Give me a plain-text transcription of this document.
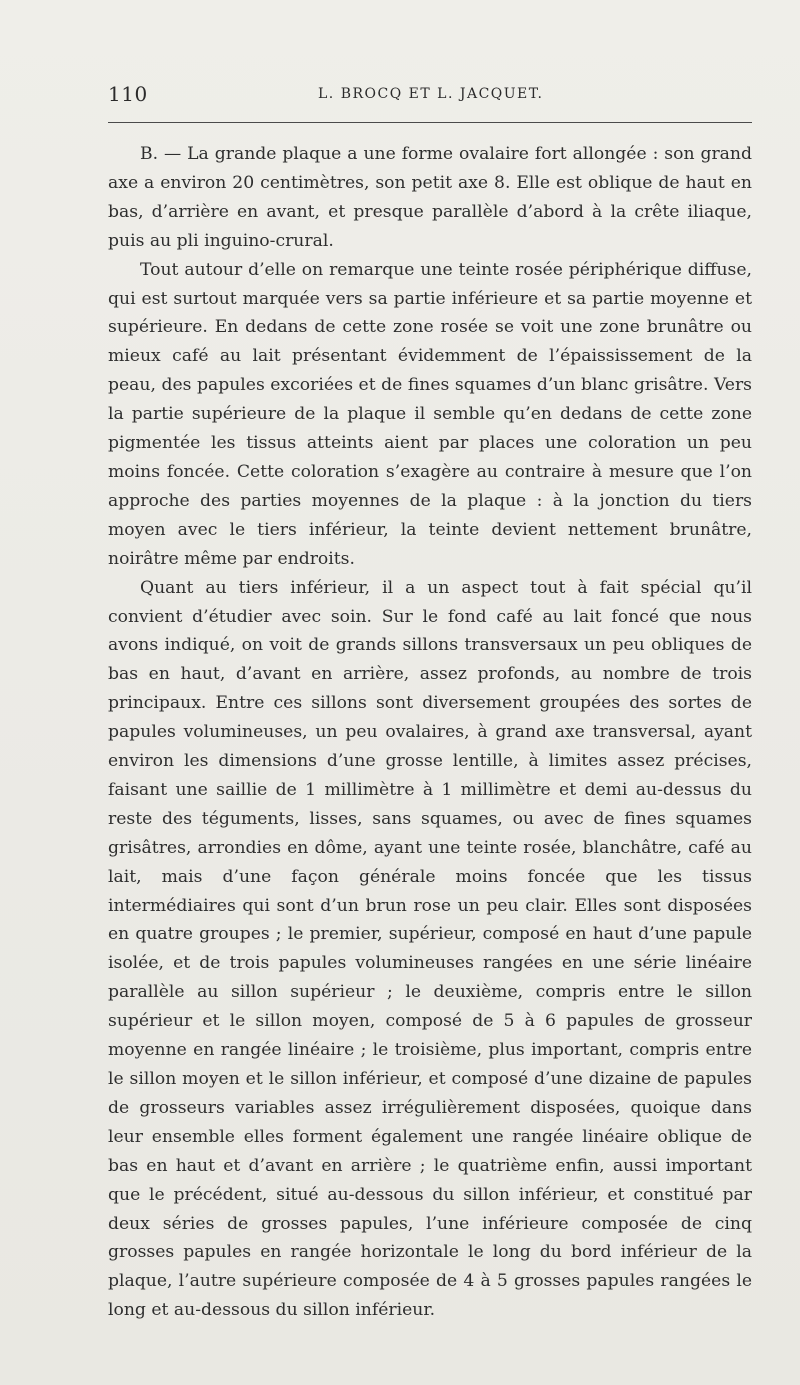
110	L. BROCQ ET L. JACQUET.

B. — La grande plaque a une forme ovalaire fort allongée : son grand axe a environ 20 centimètres, son petit axe 8. Elle est oblique de haut en bas, d’arrière en avant, et presque parallèle d’abord à la crête iliaque, puis au pli inguino-crural.

Tout autour d’elle on remarque une teinte rosée périphérique diffuse, qui est surtout marquée vers sa partie inférieure et sa partie moyenne et supérieure. En dedans de cette zone rosée se voit une zone brunâtre ou mieux café au lait présentant évidemment de l’épaississement de la peau, des papules excoriées et de fines squames d’un blanc grisâtre. Vers la partie supérieure de la plaque il semble qu’en dedans de cette zone pigmentée les tissus atteints aient par places une coloration un peu moins foncée. Cette coloration s’exagère au contraire à mesure que l’on approche des parties moyennes de la plaque : à la jonction du tiers moyen avec le tiers inférieur, la teinte devient nettement brunâtre, noirâtre même par endroits.

Quant au tiers inférieur, il a un aspect tout à fait spécial qu’il convient d’étudier avec soin. Sur le fond café au lait foncé que nous avons indiqué, on voit de grands sillons transversaux un peu obliques de bas en haut, d’avant en arrière, assez profonds, au nombre de trois principaux. Entre ces sillons sont diversement groupées des sortes de papules volumineuses, un peu ovalaires, à grand axe transversal, ayant environ les dimensions d’une grosse lentille, à limites assez précises, faisant une saillie de 1 millimètre à 1 millimètre et demi au-dessus du reste des téguments, lisses, sans squames, ou avec de fines squames grisâtres, arrondies en dôme, ayant une teinte rosée, blanchâtre, café au lait, mais d’une façon générale moins foncée que les tissus intermédiaires qui sont d’un brun rose un peu clair. Elles sont disposées en quatre groupes ; le premier, supérieur, composé en haut d’une papule isolée, et de trois papules volumineuses rangées en une série linéaire parallèle au sillon supérieur ; le deuxième, compris entre le sillon supérieur et le sillon moyen, composé de 5 à 6 papules de grosseur moyenne en rangée linéaire ; le troisième, plus important, compris entre le sillon moyen et le sillon inférieur, et composé d’une dizaine de papules de grosseurs variables assez irrégulièrement disposées, quoique dans leur ensemble elles forment également une rangée linéaire oblique de bas en haut et d’avant en arrière ; le quatrième enfin, aussi important que le précédent, situé au-dessous du sillon inférieur, et constitué par deux séries de grosses papules, l’une inférieure composée de cinq grosses papules en rangée horizontale le long du bord inférieur de la plaque, l’autre supérieure composée de 4 à 5 grosses papules rangées le long et au-dessous du sillon inférieur.
